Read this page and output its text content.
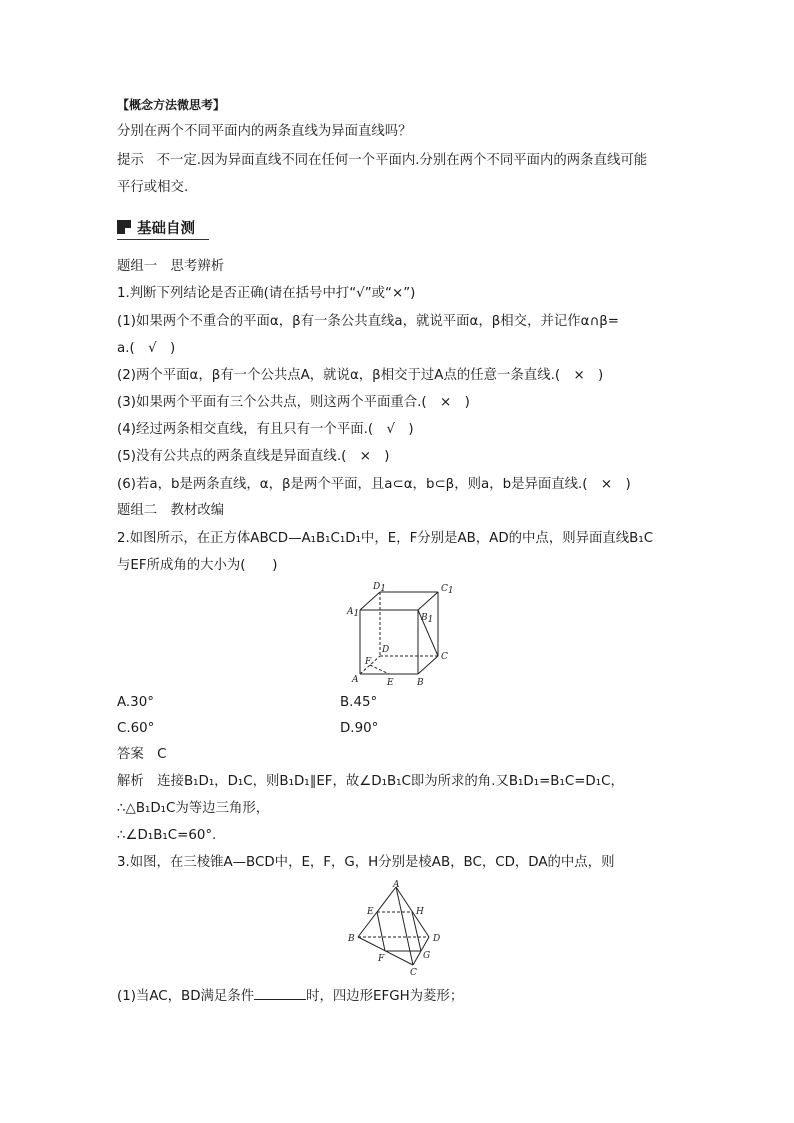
【概念方法微思考】
分别在两个不同平面内的两条直线为异面直线吗？
提示 不一定.因为异面直线不同在任何一个平面内.分别在两个不同平面内的两条直线可能
平行或相交.
基础自测
题组一　思考辨析
1.判断下列结论是否正确(请在括号中打“√”或“×”)
(1)如果两个不重合的平面α，β有一条公共直线a，就说平面α，β相交，并记作α∩β=
a.(　√　)
(2)两个平面α，β有一个公共点A，就说α，β相交于过A点的任意一条直线.(　×　)
(3)如果两个平面有三个公共点，则这两个平面重合.(　×　)
(4)经过两条相交直线，有且只有一个平面.(　√　)
(5)没有公共点的两条直线是异面直线.(　×　)
(6)若a，b是两条直线，α，β是两个平面，且a⊂α，b⊂β，则a，b是异面直线.(　×　)
题组二　教材改编
2.如图所示，在正方体ABCD—A₁B₁C₁D₁中，E，F分别是AB，AD的中点，则异面直线B₁C
与EF所成角的大小为(　　)
D1	C1
A1	B1
D
F	C
A	E	B
A.30°	B.45°
C.60°	D.90°
答案　C
解析　连接B₁D₁，D₁C，则B₁D₁∥EF，故∠D₁B₁C即为所求的角.又B₁D₁=B₁C=D₁C，
∴△B₁D₁C为等边三角形，
∴∠D₁B₁C=60°.
3.如图，在三棱锥A—BCD中，E，F，G，H分别是棱AB，BC，CD，DA的中点，则
A
E	H
B	D
F	G
C
(1)当AC，BD满足条件	时，四边形EFGH为菱形；
